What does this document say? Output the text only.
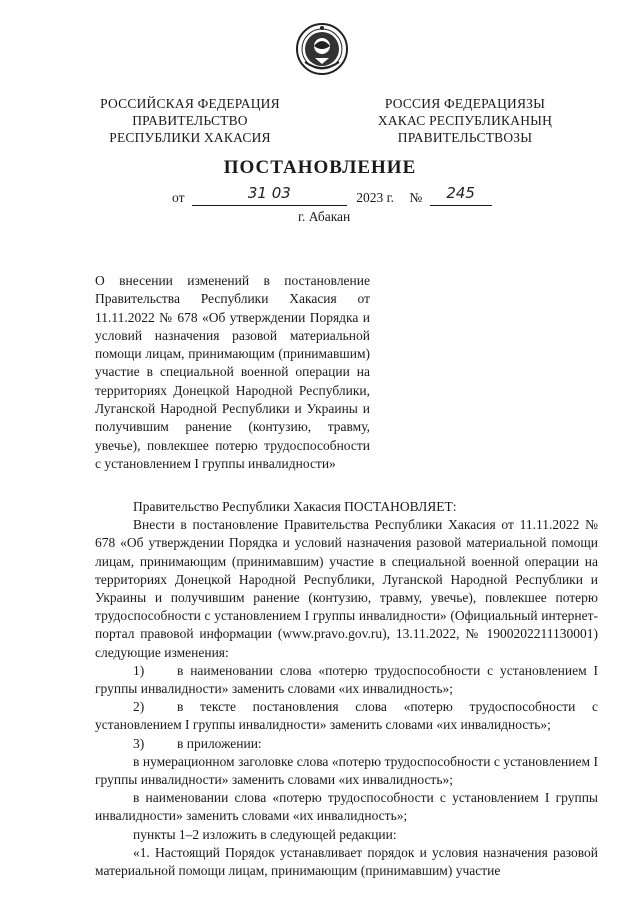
РОССИЙСКАЯ ФЕДЕРАЦИЯ
ПРАВИТЕЛЬСТВО
РЕСПУБЛИКИ ХАКАСИЯ
РОССИЯ ФЕДЕРАЦИЯЗЫ
ХАКАС РЕСПУБЛИКАНЫҢ
ПРАВИТЕЛЬСТВОЗЫ
ПОСТАНОВЛЕНИЕ
от	31 03	2023 г. №	245
г. Абакан
О внесении изменений в постановление Правительства Республики Хакасия от 11.11.2022 № 678 «Об утверждении Порядка и условий назначения разовой материальной помощи лицам, принимающим (принимавшим) участие в специальной военной операции на территориях Донецкой Народной Республики, Луганской Народной Республики и Украины и получившим ранение (контузию, травму, увечье), повлекшее потерю трудоспособности с установлением I группы инвалидности»

Правительство Республики Хакасия ПОСТАНОВЛЯЕТ:

Внести в постановление Правительства Республики Хакасия от 11.11.2022 № 678 «Об утверждении Порядка и условий назначения разовой материальной помощи лицам, принимающим (принимавшим) участие в специальной военной операции на территориях Донецкой Народной Республики, Луганской Народной Республики и Украины и получившим ранение (контузию, травму, увечье), повлекшее потерю трудоспособности с установлением I группы инвалидности» (Официальный интернет-портал правовой информации (www.pravo.gov.ru), 13.11.2022, № 1900202211130001) следующие изменения:

1) в наименовании слова «потерю трудоспособности с установлением I группы инвалидности» заменить словами «их инвалидность»;

2) в тексте постановления слова «потерю трудоспособности с установлением I группы инвалидности» заменить словами «их инвалидность»;

3) в приложении:

в нумерационном заголовке слова «потерю трудоспособности с установлением I группы инвалидности» заменить словами «их инвалидность»;

в наименовании слова «потерю трудоспособности с установлением I группы инвалидности» заменить словами «их инвалидность»;

пункты 1–2 изложить в следующей редакции:

«1. Настоящий Порядок устанавливает порядок и условия назначения разовой материальной помощи лицам, принимающим (принимавшим) участие
